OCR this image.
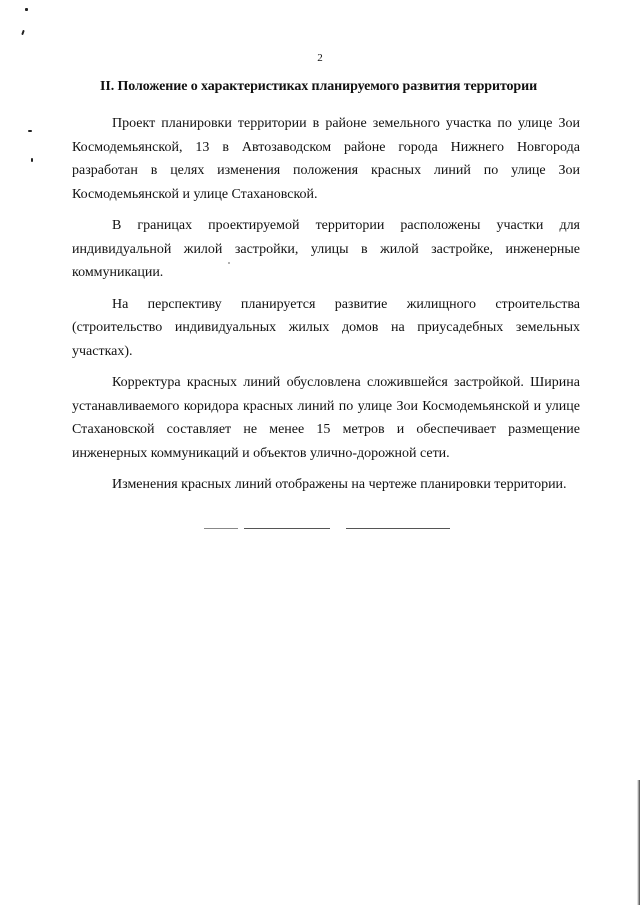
2
II. Положение о характеристиках планируемого развития территории

Проект планировки территории в районе земельного участка по улице Зои Космодемьянской, 13 в Автозаводском районе города Нижнего Новгорода разработан в целях изменения положения красных линий по улице Зои Космодемьянской и улице Стахановской.

В границах проектируемой территории расположены участки для индивидуальной жилой застройки, улицы в жилой застройке, инженерные коммуникации.

На перспективу планируется развитие жилищного строительства (строительство индивидуальных жилых домов на приусадебных земельных участках).

Корректура красных линий обусловлена сложившейся застройкой. Ширина устанавливаемого коридора красных линий по улице Зои Космодемьянской и улице Стахановской составляет не менее 15 метров и обеспечивает размещение инженерных коммуникаций и объектов улично-дорожной сети.

Изменения красных линий отображены на чертеже планировки территории.
